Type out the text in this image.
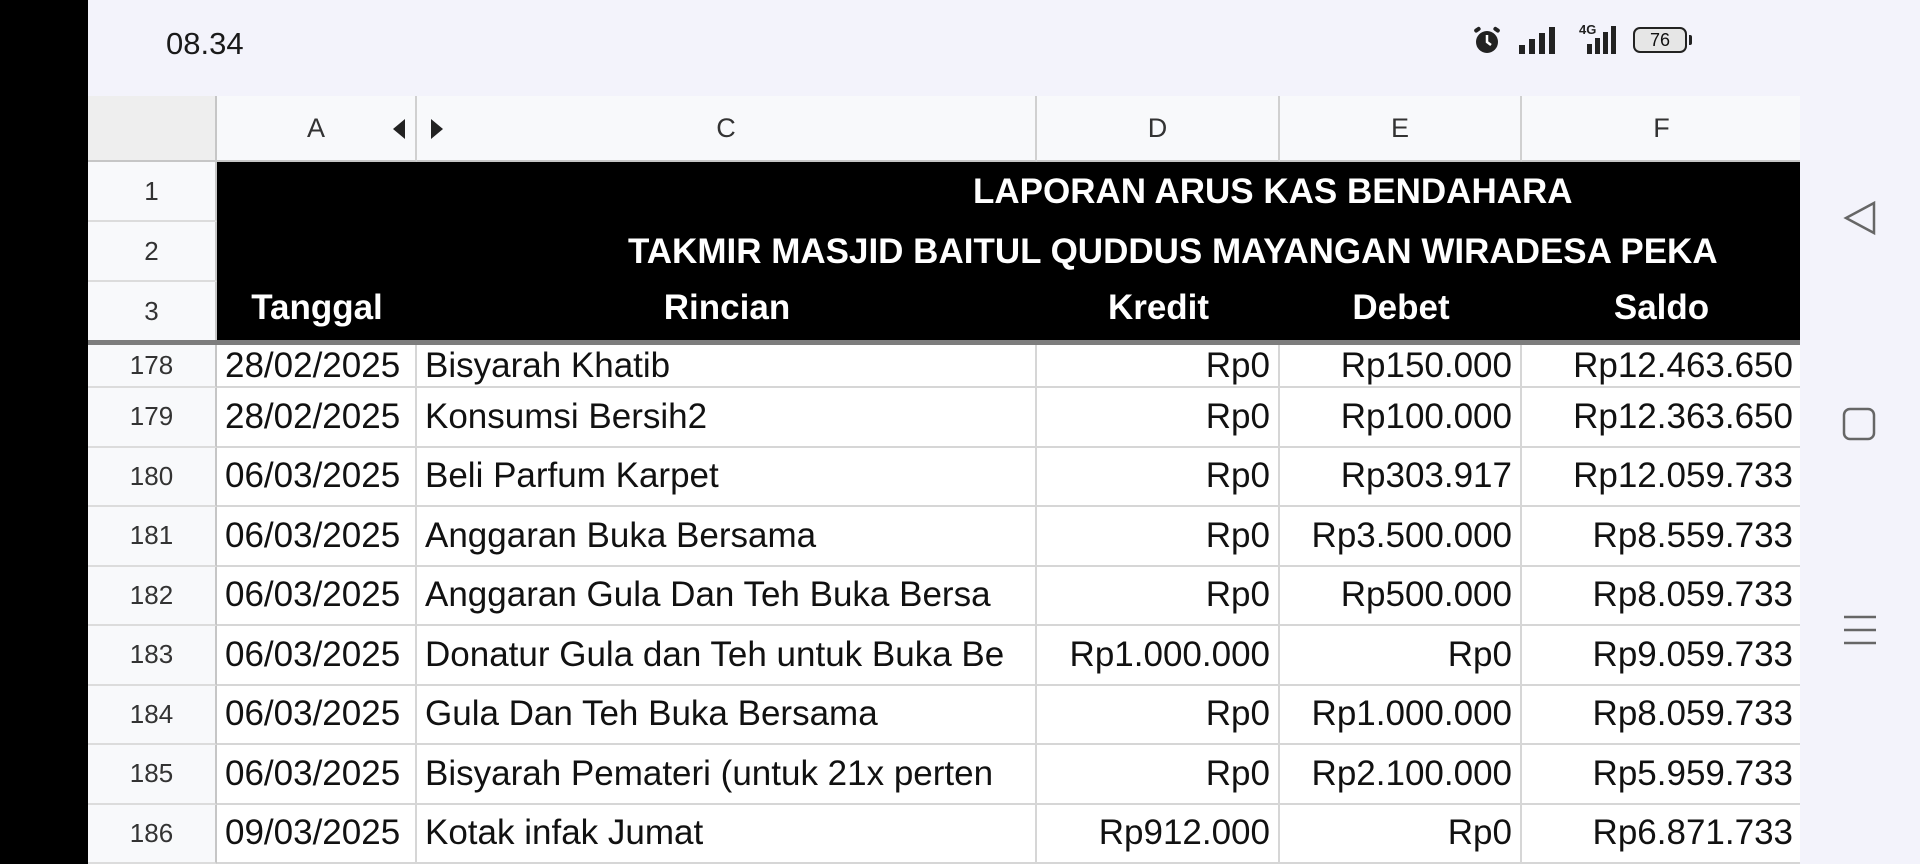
08.34	4G	76
A	C	D	E	F
1
2
3
LAPORAN ARUS KAS BENDAHARA
TAKMIR MASJID BAITUL QUDDUS MAYANGAN WIRADESA PEKA
Tanggal	Rincian	Kredit	Debet	Saldo
178 28/02/2025 Bisyarah Khatib	Rp0	Rp150.000	Rp12.463.650
179 28/02/2025 Konsumsi Bersih2	Rp0	Rp100.000	Rp12.363.650
180 06/03/2025 Beli Parfum Karpet	Rp0	Rp303.917	Rp12.059.733
181 06/03/2025 Anggaran Buka Bersama	Rp0	Rp3.500.000	Rp8.559.733
182 06/03/2025 Anggaran Gula Dan Teh Buka Bersa	Rp0	Rp500.000	Rp8.059.733
183 06/03/2025 Donatur Gula dan Teh untuk Buka Be	Rp1.000.000	Rp0	Rp9.059.733
184 06/03/2025 Gula Dan Teh Buka Bersama	Rp0	Rp1.000.000	Rp8.059.733
185 06/03/2025 Bisyarah Pemateri (untuk 21x perten	Rp0	Rp2.100.000	Rp5.959.733
186 09/03/2025 Kotak infak Jumat	Rp912.000	Rp0	Rp6.871.733
